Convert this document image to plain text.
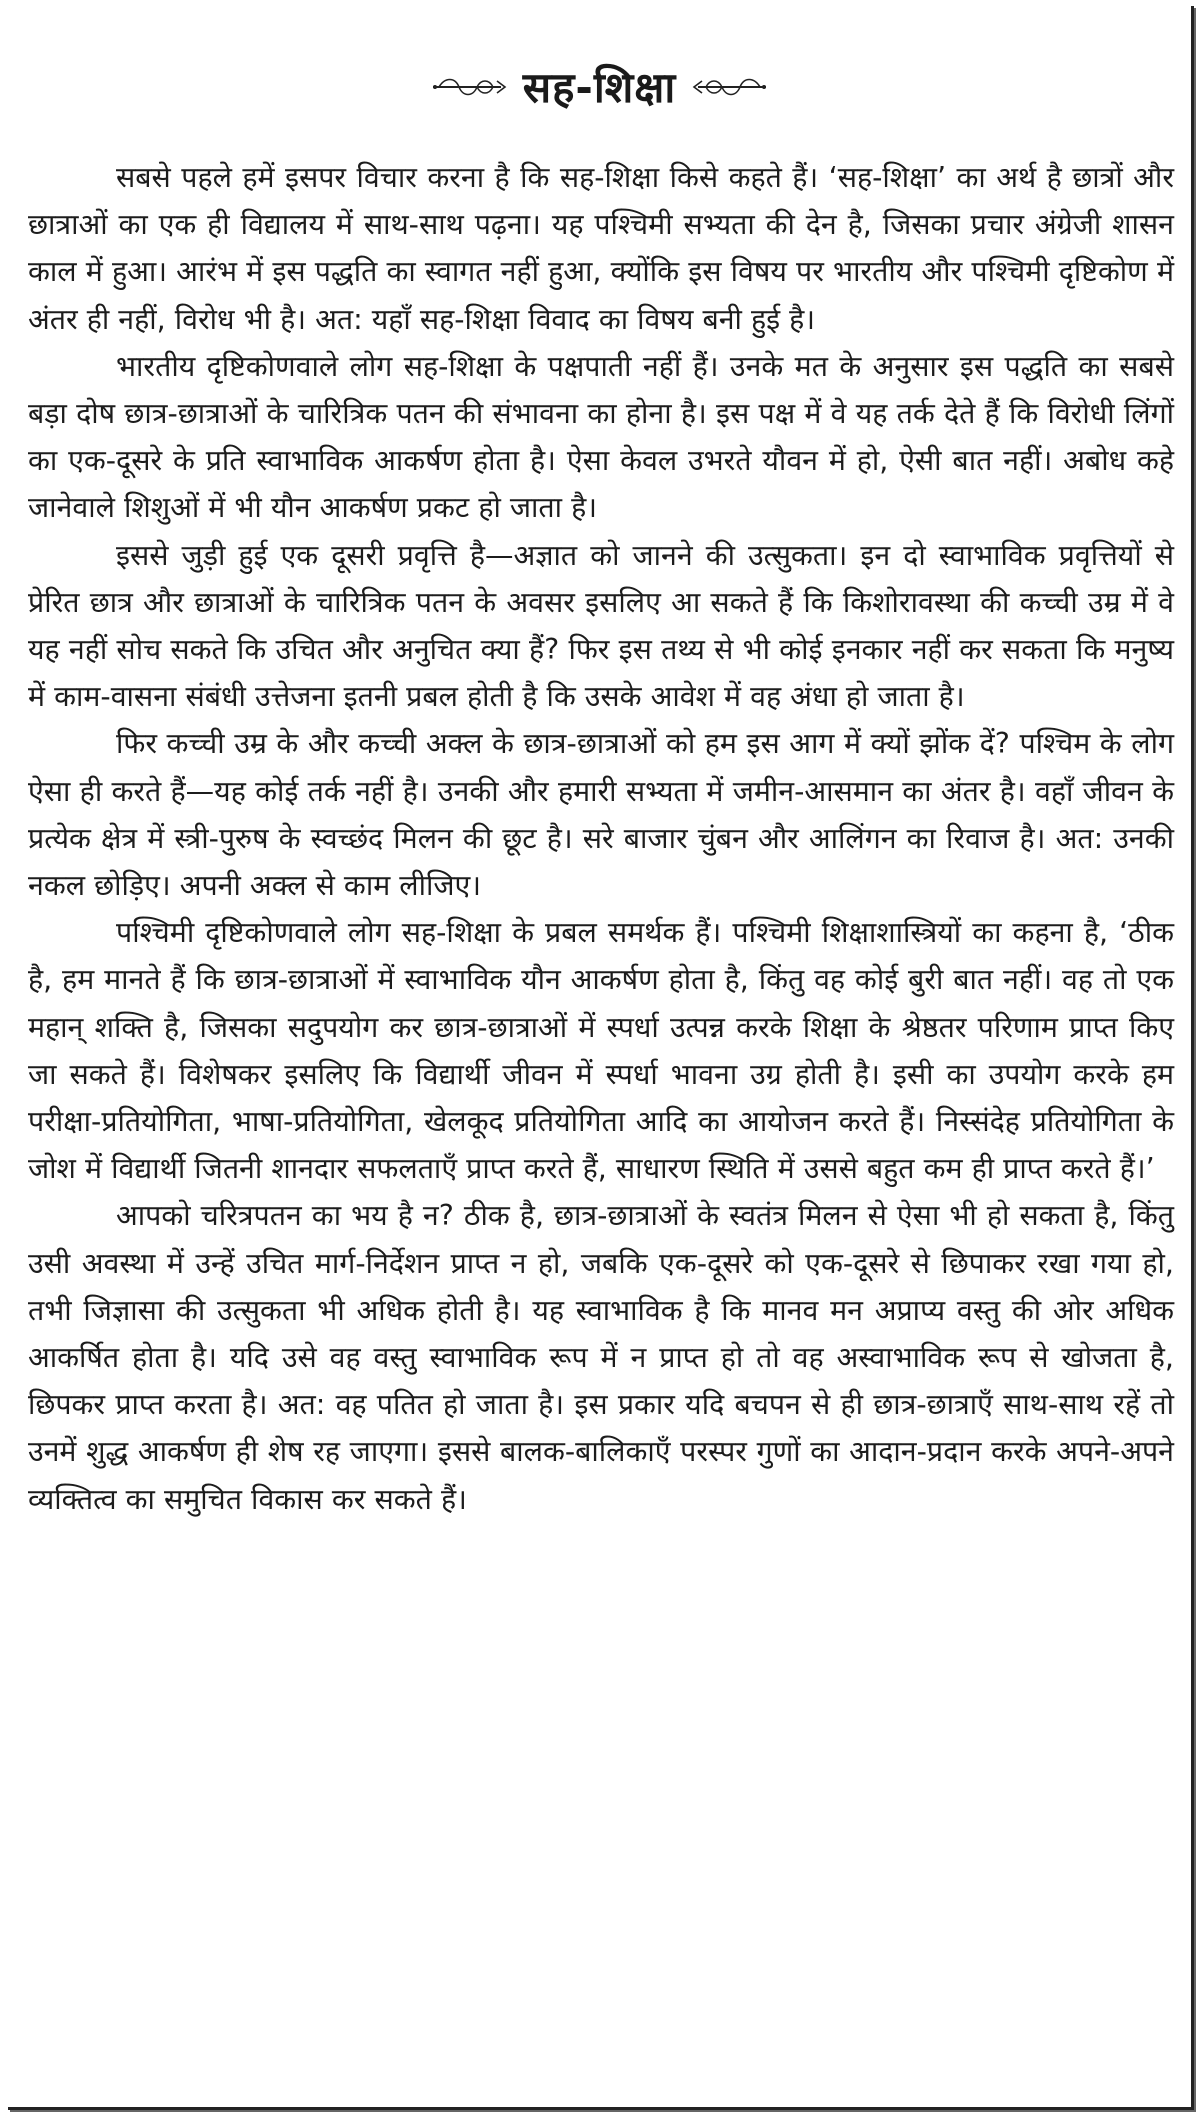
सह-शिक्षा

सबसे पहले हमें इसपर विचार करना है कि सह-शिक्षा किसे कहते हैं। ‘सह-शिक्षा’ का अर्थ है छात्रों और छात्राओं का एक ही विद्यालय में साथ-साथ पढ़ना। यह पश्चिमी सभ्यता की देन है, जिसका प्रचार अंग्रेजी शासन काल में हुआ। आरंभ में इस पद्धति का स्वागत नहीं हुआ, क्योंकि इस विषय पर भारतीय और पश्चिमी दृष्टिकोण में अंतर ही नहीं, विरोध भी है। अत: यहाँ सह-शिक्षा विवाद का विषय बनी हुई है।

भारतीय दृष्टिकोणवाले लोग सह-शिक्षा के पक्षपाती नहीं हैं। उनके मत के अनुसार इस पद्धति का सबसे बड़ा दोष छात्र-छात्राओं के चारित्रिक पतन की संभावना का होना है। इस पक्ष में वे यह तर्क देते हैं कि विरोधी लिंगों का एक-दूसरे के प्रति स्वाभाविक आकर्षण होता है। ऐसा केवल उभरते यौवन में हो, ऐसी बात नहीं। अबोध कहे जानेवाले शिशुओं में भी यौन आकर्षण प्रकट हो जाता है।

इससे जुड़ी हुई एक दूसरी प्रवृत्ति है—अज्ञात को जानने की उत्सुकता। इन दो स्वाभाविक प्रवृत्तियों से प्रेरित छात्र और छात्राओं के चारित्रिक पतन के अवसर इसलिए आ सकते हैं कि किशोरावस्था की कच्ची उम्र में वे यह नहीं सोच सकते कि उचित और अनुचित क्या हैं? फिर इस तथ्य से भी कोई इनकार नहीं कर सकता कि मनुष्य में काम-वासना संबंधी उत्तेजना इतनी प्रबल होती है कि उसके आवेश में वह अंधा हो जाता है।

फिर कच्ची उम्र के और कच्ची अक्ल के छात्र-छात्राओं को हम इस आग में क्यों झोंक दें? पश्चिम के लोग ऐसा ही करते हैं—यह कोई तर्क नहीं है। उनकी और हमारी सभ्यता में जमीन-आसमान का अंतर है। वहाँ जीवन के प्रत्येक क्षेत्र में स्त्री-पुरुष के स्वच्छंद मिलन की छूट है। सरे बाजार चुंबन और आलिंगन का रिवाज है। अत: उनकी नकल छोड़िए। अपनी अक्ल से काम लीजिए।

पश्चिमी दृष्टिकोणवाले लोग सह-शिक्षा के प्रबल समर्थक हैं। पश्चिमी शिक्षाशास्त्रियों का कहना है, ‘ठीक है, हम मानते हैं कि छात्र-छात्राओं में स्वाभाविक यौन आकर्षण होता है, किंतु वह कोई बुरी बात नहीं। वह तो एक महान् शक्ति है, जिसका सदुपयोग कर छात्र-छात्राओं में स्पर्धा उत्पन्न करके शिक्षा के श्रेष्ठतर परिणाम प्राप्त किए जा सकते हैं। विशेषकर इसलिए कि विद्यार्थी जीवन में स्पर्धा भावना उग्र होती है। इसी का उपयोग करके हम परीक्षा-प्रतियोगिता, भाषा-प्रतियोगिता, खेलकूद प्रतियोगिता आदि का आयोजन करते हैं। निस्संदेह प्रतियोगिता के जोश में विद्यार्थी जितनी शानदार सफलताएँ प्राप्त करते हैं, साधारण स्थिति में उससे बहुत कम ही प्राप्त करते हैं।’

आपको चरित्रपतन का भय है न? ठीक है, छात्र-छात्राओं के स्वतंत्र मिलन से ऐसा भी हो सकता है, किंतु उसी अवस्था में उन्हें उचित मार्ग-निर्देशन प्राप्त न हो, जबकि एक-दूसरे को एक-दूसरे से छिपाकर रखा गया हो, तभी जिज्ञासा की उत्सुकता भी अधिक होती है। यह स्वाभाविक है कि मानव मन अप्राप्य वस्तु की ओर अधिक आकर्षित होता है। यदि उसे वह वस्तु स्वाभाविक रूप में न प्राप्त हो तो वह अस्वाभाविक रूप से खोजता है, छिपकर प्राप्त करता है। अत: वह पतित हो जाता है। इस प्रकार यदि बचपन से ही छात्र-छात्राएँ साथ-साथ रहें तो उनमें शुद्ध आकर्षण ही शेष रह जाएगा। इससे बालक-बालिकाएँ परस्पर गुणों का आदान-प्रदान करके अपने-अपने व्यक्तित्व का समुचित विकास कर सकते हैं।
